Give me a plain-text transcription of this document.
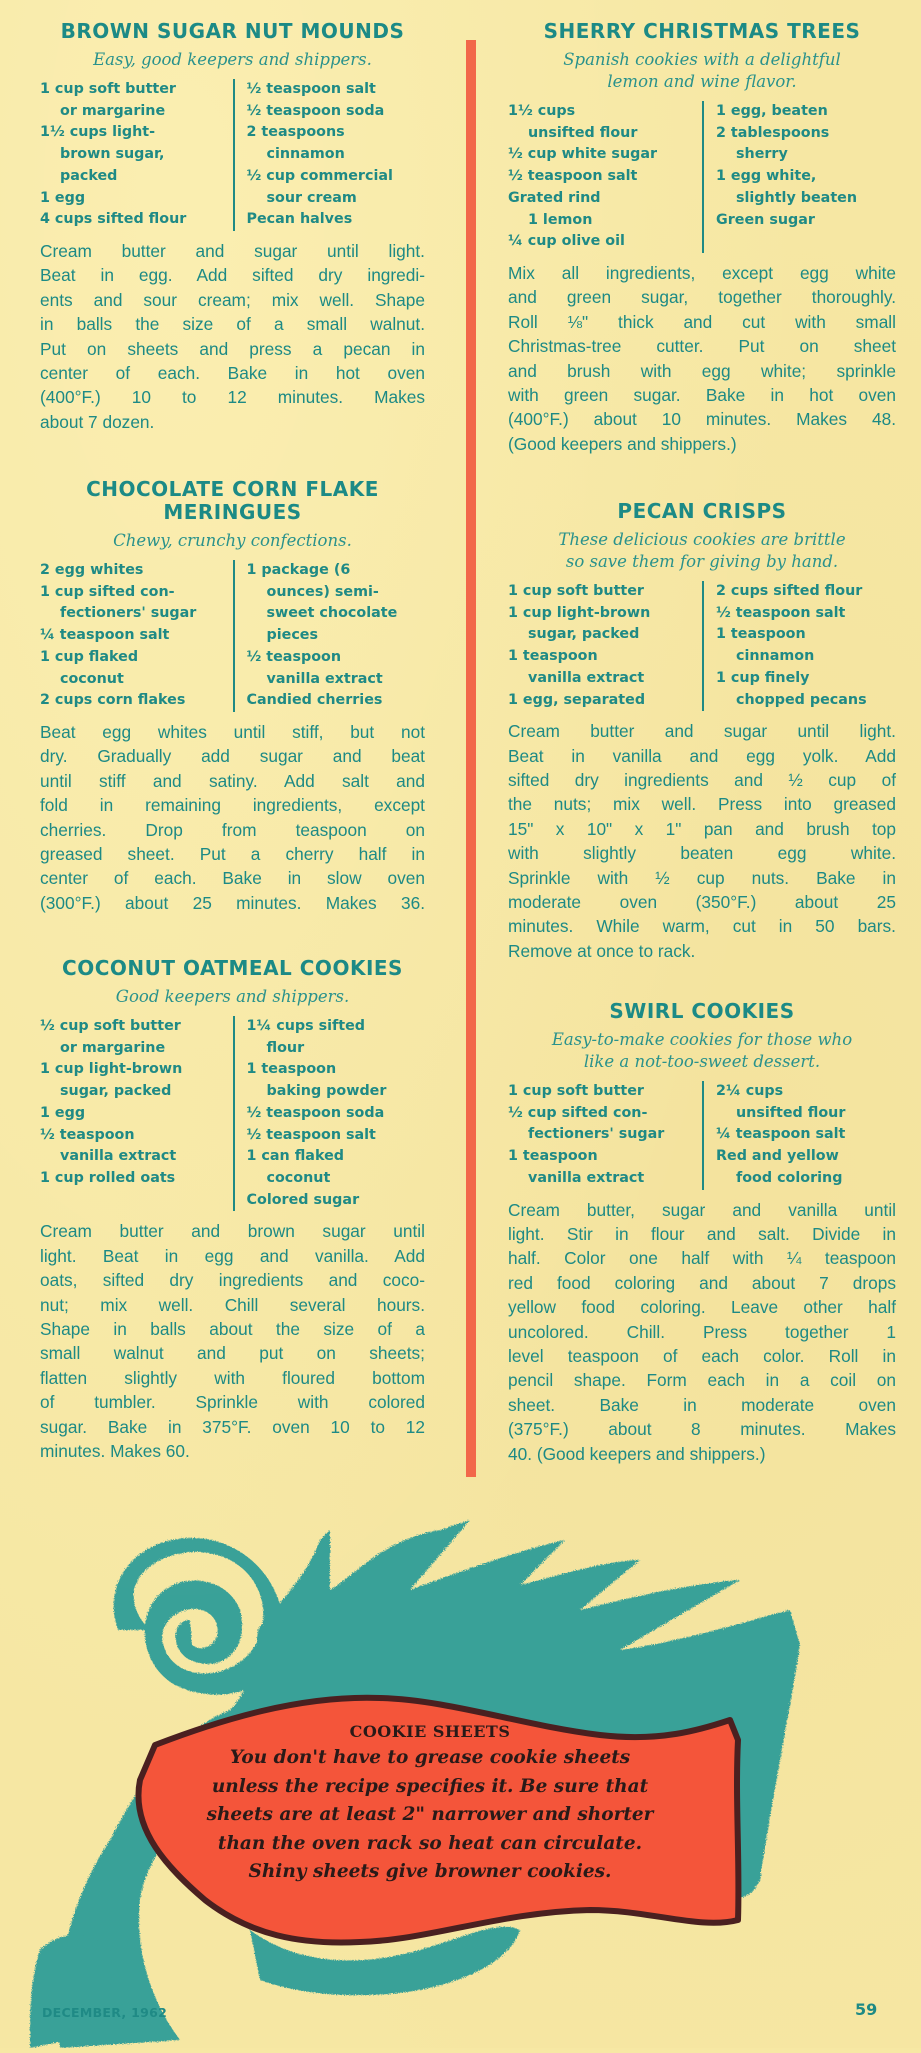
BROWN SUGAR NUT MOUNDS
Easy, good keepers and shippers.
1 cup soft butter
or margarine
1½ cups light-
brown sugar,
packed
1 egg
4 cups sifted flour
½ teaspoon salt
½ teaspoon soda
2 teaspoons
cinnamon
½ cup commercial
sour cream
Pecan halves
Cream butter and sugar until light.
Beat in egg. Add sifted dry ingredi-
ents and sour cream; mix well. Shape
in balls the size of a small walnut.
Put on sheets and press a pecan in
center of each. Bake in hot oven
(400°F.) 10 to 12 minutes. Makes
about 7 dozen.
CHOCOLATE CORN FLAKE
MERINGUES
Chewy, crunchy confections.
2 egg whites
1 cup sifted con-
fectioners' sugar
¼ teaspoon salt
1 cup flaked
coconut
2 cups corn flakes
1 package (6
ounces) semi-
sweet chocolate
pieces
½ teaspoon
vanilla extract
Candied cherries
Beat egg whites until stiff, but not
dry. Gradually add sugar and beat
until stiff and satiny. Add salt and
fold in remaining ingredients, except
cherries. Drop from teaspoon on
greased sheet. Put a cherry half in
center of each. Bake in slow oven
(300°F.) about 25 minutes. Makes 36.
COCONUT OATMEAL COOKIES
Good keepers and shippers.
½ cup soft butter
or margarine
1 cup light-brown
sugar, packed
1 egg
½ teaspoon
vanilla extract
1 cup rolled oats
1¼ cups sifted
flour
1 teaspoon
baking powder
½ teaspoon soda
½ teaspoon salt
1 can flaked
coconut
Colored sugar
Cream butter and brown sugar until
light. Beat in egg and vanilla. Add
oats, sifted dry ingredients and coco-
nut; mix well. Chill several hours.
Shape in balls about the size of a
small walnut and put on sheets;
flatten slightly with floured bottom
of tumbler. Sprinkle with colored
sugar. Bake in 375°F. oven 10 to 12
minutes. Makes 60.
SHERRY CHRISTMAS TREES
Spanish cookies with a delightful
lemon and wine flavor.
1½ cups
unsifted flour
½ cup white sugar
½ teaspoon salt
Grated rind
1 lemon
¼ cup olive oil
1 egg, beaten
2 tablespoons
sherry
1 egg white,
slightly beaten
Green sugar
Mix all ingredients, except egg white
and green sugar, together thoroughly.
Roll ⅛" thick and cut with small
Christmas-tree cutter. Put on sheet
and brush with egg white; sprinkle
with green sugar. Bake in hot oven
(400°F.) about 10 minutes. Makes 48.
(Good keepers and shippers.)
PECAN CRISPS
These delicious cookies are brittle
so save them for giving by hand.
1 cup soft butter
1 cup light-brown
sugar, packed
1 teaspoon
vanilla extract
1 egg, separated
2 cups sifted flour
½ teaspoon salt
1 teaspoon
cinnamon
1 cup finely
chopped pecans
Cream butter and sugar until light.
Beat in vanilla and egg yolk. Add
sifted dry ingredients and ½ cup of
the nuts; mix well. Press into greased
15" x 10" x 1" pan and brush top
with slightly beaten egg white.
Sprinkle with ½ cup nuts. Bake in
moderate oven (350°F.) about 25
minutes. While warm, cut in 50 bars.
Remove at once to rack.
SWIRL COOKIES
Easy-to-make cookies for those who
like a not-too-sweet dessert.
1 cup soft butter
½ cup sifted con-
fectioners' sugar
1 teaspoon
vanilla extract
2¼ cups
unsifted flour
¼ teaspoon salt
Red and yellow
food coloring
Cream butter, sugar and vanilla until
light. Stir in flour and salt. Divide in
half. Color one half with ¼ teaspoon
red food coloring and about 7 drops
yellow food coloring. Leave other half
uncolored. Chill. Press together 1
level teaspoon of each color. Roll in
pencil shape. Form each in a coil on
sheet. Bake in moderate oven
(375°F.) about 8 minutes. Makes
40. (Good keepers and shippers.)
COOKIE SHEETS
You don't have to grease cookie sheets
unless the recipe specifies it. Be sure that
sheets are at least 2" narrower and shorter
than the oven rack so heat can circulate.
Shiny sheets give browner cookies.
DECEMBER, 1962	59
